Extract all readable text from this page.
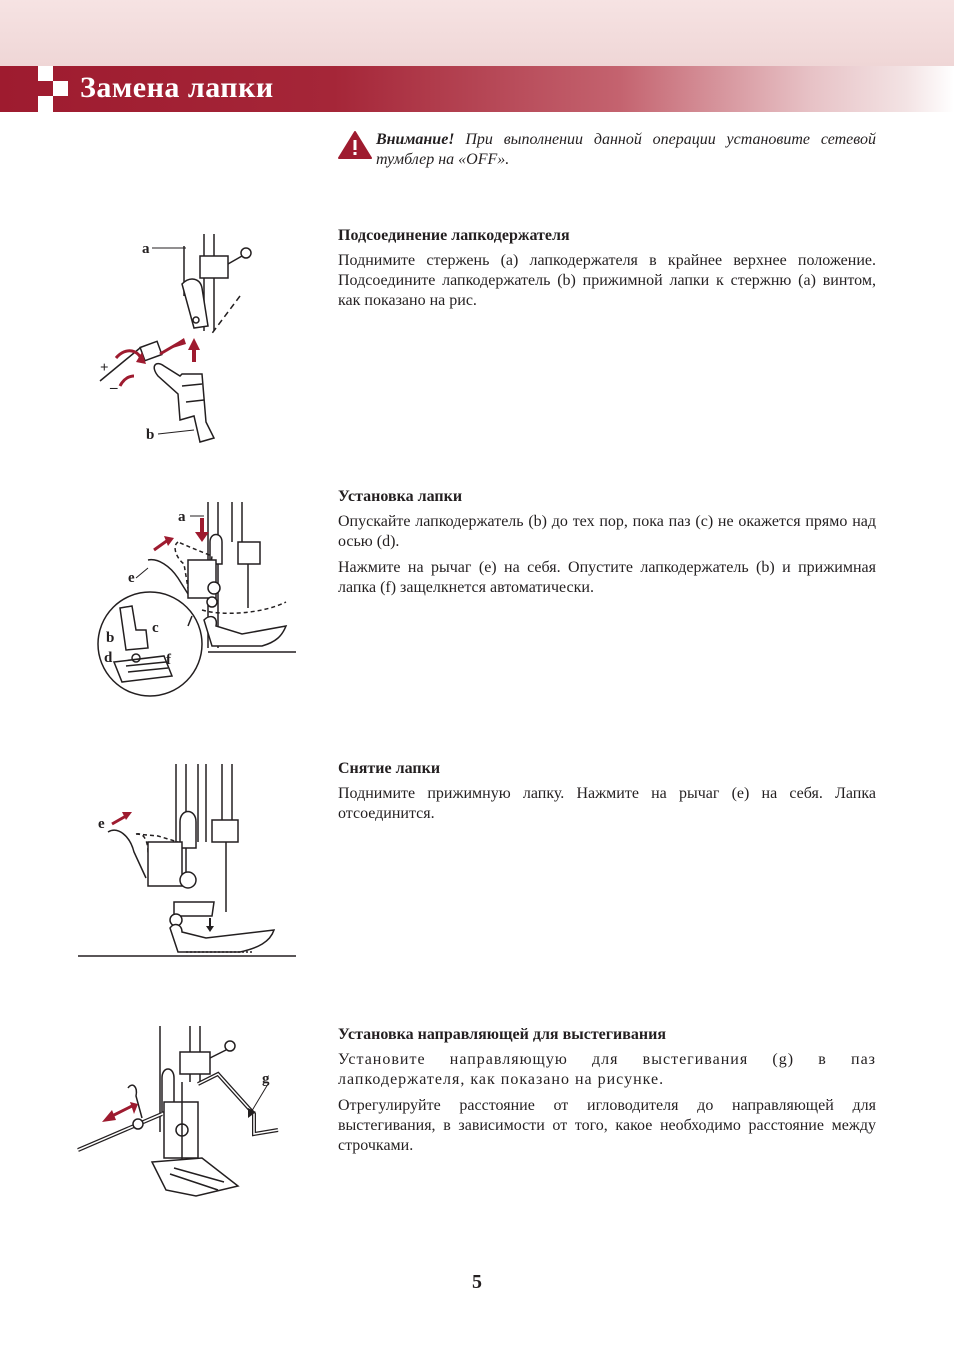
Замена лапки

Внимание! При выполнении данной операции установите сетевой тумблер на «OFF».

Подсоединение лапкодержателя

Поднимите стержень (a) лапкодержателя в крайнее верхнее положение. Подсоедините лапкодержатель (b) прижимной лапки к стержню (a) винтом, как показано на рис.

Установка лапки

Опускайте лапкодержатель (b) до тех пор, пока паз (c) не окажется прямо над осью (d).

Нажмите на рычаг (e) на себя. Опустите лапкодержатель (b) и прижимная лапка (f) защелкнется автоматически.

Снятие лапки

Поднимите прижимную лапку. Нажмите на рычаг (e) на себя. Лапка отсоединится.

Установка направляющей для выстегивания

Установите направляющую для выстегивания (g) в паз лапкодержателя, как показано на рисунке.

Отрегулируйте расстояние от игловодителя до направляющей для выстегивания, в зависимости от того, какое необходимо расстояние между строчками.

a
b
+
–
a
e
b
c
d	f
e
g
5
